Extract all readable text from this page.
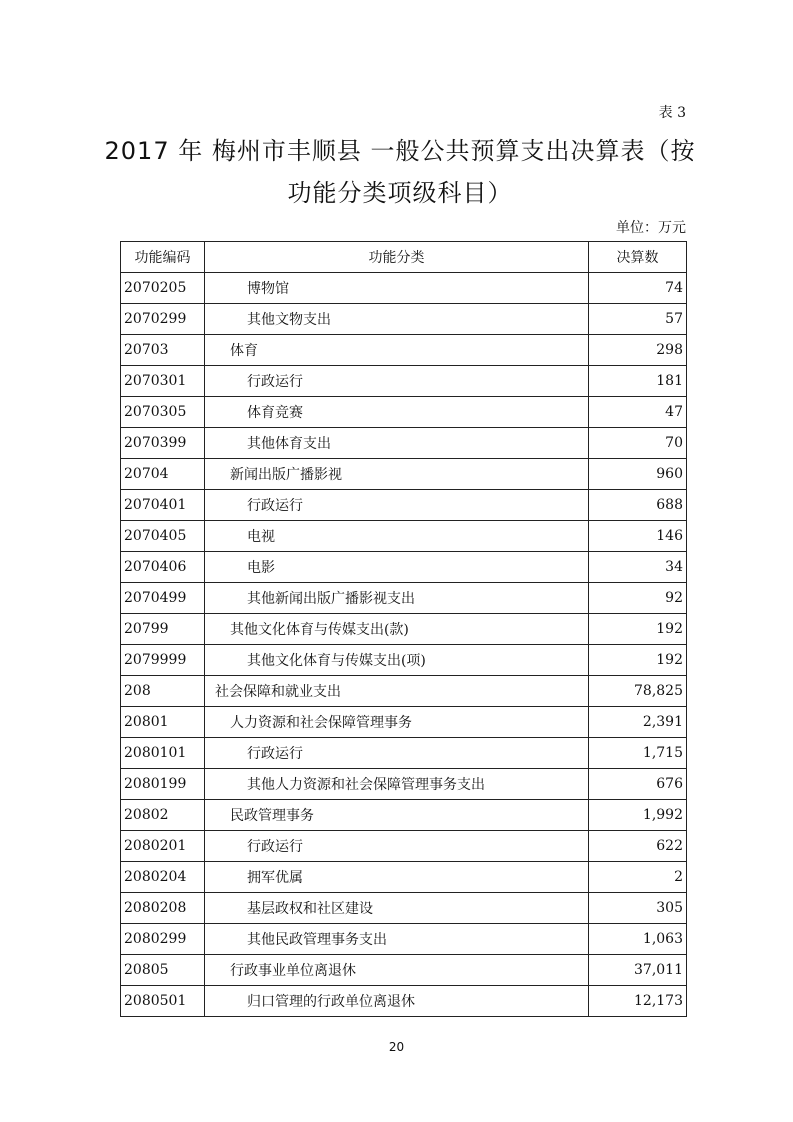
表 3
2017 年 梅州市丰顺县 一般公共预算支出决算表（按
功能分类项级科目）
单位：万元
功能编码	功能分类	决算数
2070205	博物馆	74
2070299	其他文物支出	57
20703	体育	298
2070301	行政运行	181
2070305	体育竞赛	47
2070399	其他体育支出	70
20704	新闻出版广播影视	960
2070401	行政运行	688
2070405	电视	146
2070406	电影	34
2070499	其他新闻出版广播影视支出	92
20799	其他文化体育与传媒支出(款)	192
2079999	其他文化体育与传媒支出(项)	192
208	社会保障和就业支出	78,825
20801	人力资源和社会保障管理事务	2,391
2080101	行政运行	1,715
2080199	其他人力资源和社会保障管理事务支出	676
20802	民政管理事务	1,992
2080201	行政运行	622
2080204	拥军优属	2
2080208	基层政权和社区建设	305
2080299	其他民政管理事务支出	1,063
20805	行政事业单位离退休	37,011
2080501	归口管理的行政单位离退休	12,173
20
